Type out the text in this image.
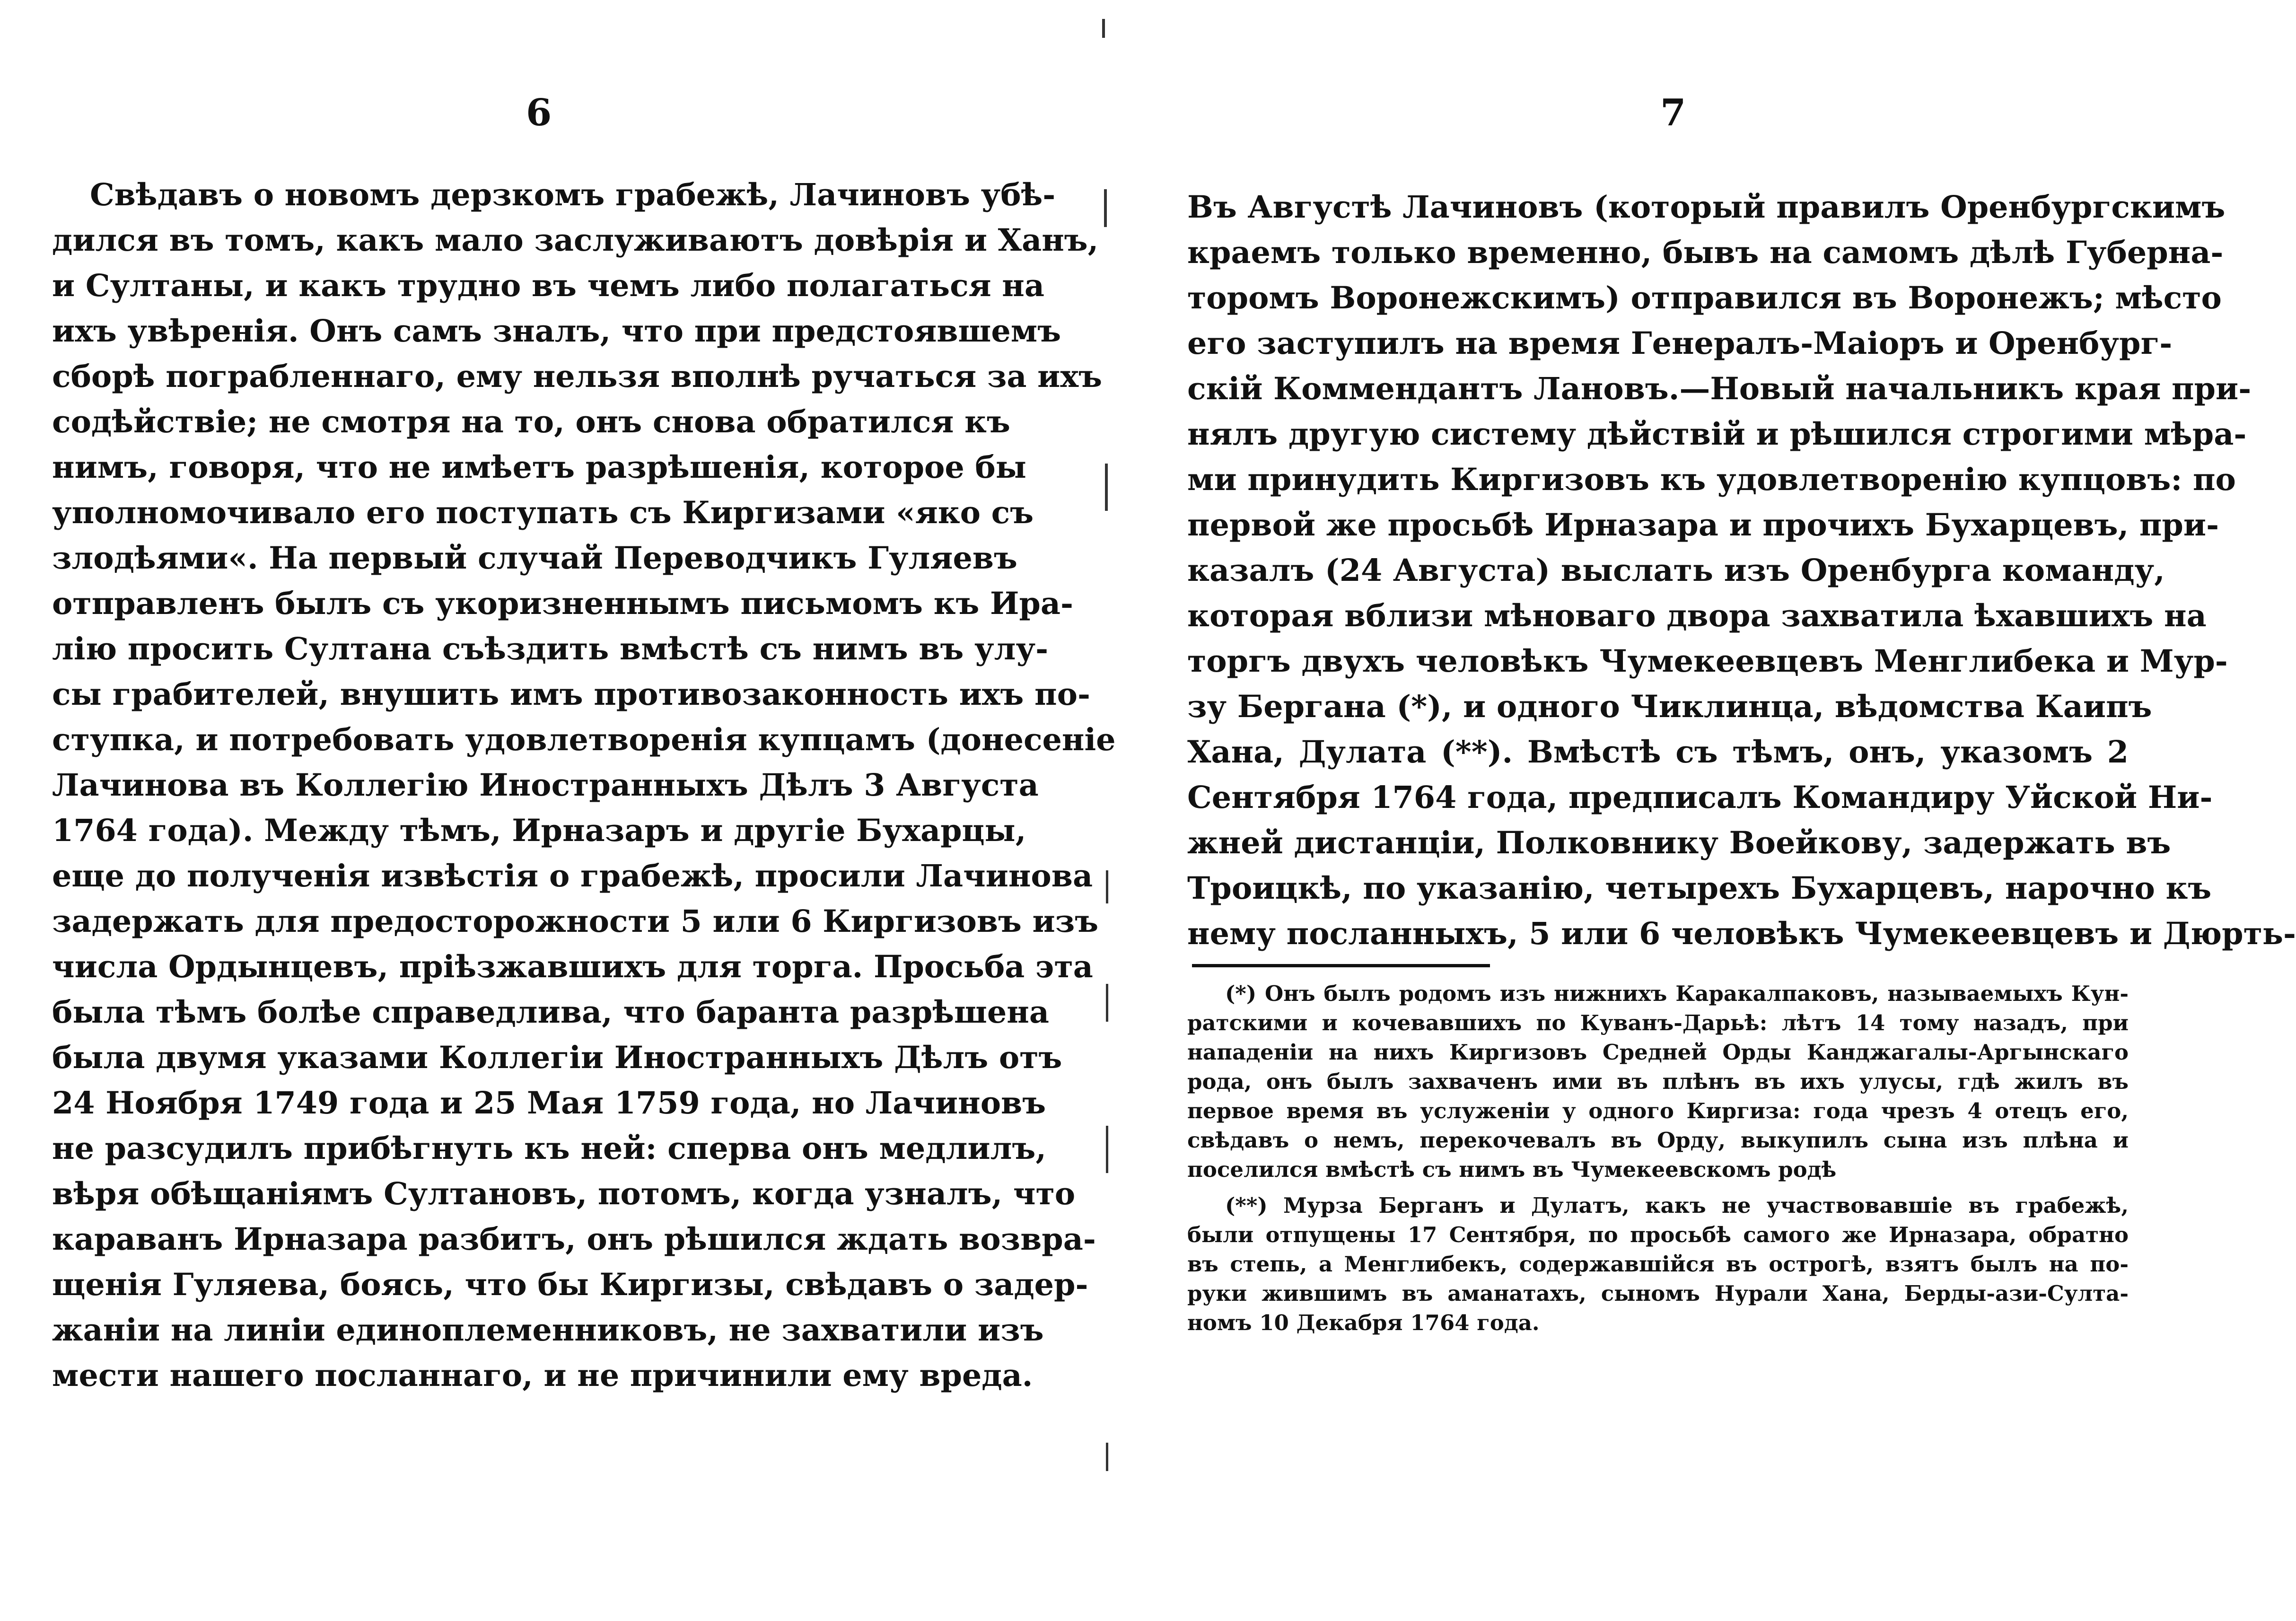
6
Свѣдавъ о новомъ дерзкомъ грабежѣ, Лачиновъ убѣ-
дился въ томъ, какъ мало заслуживаютъ довѣрія и Ханъ,
и Султаны, и какъ трудно въ чемъ либо полагаться на
ихъ увѣренія. Онъ самъ зналъ, что при предстоявшемъ
сборѣ пограбленнаго, ему нельзя вполнѣ ручаться за ихъ
содѣйствіе; не смотря на то, онъ снова обратился къ
нимъ, говоря, что не имѣетъ разрѣшенія, которое бы
уполномочивало его поступать съ Киргизами «яко съ
злодѣями«. На первый случай Переводчикъ Гуляевъ
отправленъ былъ съ укоризненнымъ письмомъ къ Ира-
лію просить Султана съѣздить вмѣстѣ съ нимъ въ улу-
сы грабителей, внушить имъ противозаконность ихъ по-
ступка, и потребовать удовлетворенія купцамъ (донесеніе
Лачинова въ Коллегію Иностранныхъ Дѣлъ 3 Августа
1764 года). Между тѣмъ, Ирназаръ и другіе Бухарцы,
еще до полученія извѣстія о грабежѣ, просили Лачинова
задержать для предосторожности 5 или 6 Киргизовъ изъ
числа Ордынцевъ, пріѣзжавшихъ для торга. Просьба эта
была тѣмъ болѣе справедлива, что баранта разрѣшена
была двумя указами Коллегіи Иностранныхъ Дѣлъ отъ
24 Ноября 1749 года и 25 Мая 1759 года, но Лачиновъ
не разсудилъ прибѣгнуть къ ней: сперва онъ медлилъ,
вѣря обѣщаніямъ Султановъ, потомъ, когда узналъ, что
караванъ Ирназара разбитъ, онъ рѣшился ждать возвра-
щенія Гуляева, боясь, что бы Киргизы, свѣдавъ о задер-
жаніи на линіи единоплеменниковъ, не захватили изъ
мести нашего посланнаго, и не причинили ему вреда.
7
Въ Августѣ Лачиновъ (который правилъ Оренбургскимъ
краемъ только временно, бывъ на самомъ дѣлѣ Губерна-
торомъ Воронежскимъ) отправился въ Воронежъ; мѣсто
его заступилъ на время Генералъ-Маіоръ и Оренбург-
скій Коммендантъ Лановъ.—Новый начальникъ края при-
нялъ другую систему дѣйствій и рѣшился строгими мѣра-
ми принудить Киргизовъ къ удовлетворенію купцовъ: по
первой же просьбѣ Ирназара и прочихъ Бухарцевъ, при-
казалъ (24 Августа) выслать изъ Оренбурга команду,
которая вблизи мѣноваго двора захватила ѣхавшихъ на
торгъ двухъ человѣкъ Чумекеевцевъ Менглибека и Мур-
зу Бергана (*), и одного Чиклинца, вѣдомства Каипъ
Хана, Дулата (**). Вмѣстѣ съ тѣмъ, онъ, указомъ 2
Сентября 1764 года, предписалъ Командиру Уйской Ни-
жней дистанціи, Полковнику Воейкову, задержать въ
Троицкѣ, по указанію, четырехъ Бухарцевъ, нарочно къ
нему посланныхъ, 5 или 6 человѣкъ Чумекеевцевъ и Дюрть-
(*) Онъ былъ родомъ изъ нижнихъ Каракалпаковъ, называемыхъ Кун-
ратскими и кочевавшихъ по Куванъ-Дарьѣ: лѣтъ 14 тому назадъ, при
нападеніи на нихъ Киргизовъ Средней Орды Канджагалы-Аргынскаго
рода, онъ былъ захваченъ ими въ плѣнъ въ ихъ улусы, гдѣ жилъ въ
первое время въ услуженіи у одного Киргиза: года чрезъ 4 отецъ его,
свѣдавъ о немъ, перекочевалъ въ Орду, выкупилъ сына изъ плѣна и
поселился вмѣстѣ съ нимъ въ Чумекеевскомъ родѣ
(**) Мурза Берганъ и Дулатъ, какъ не участвовавшіе въ грабежѣ,
были отпущены 17 Сентября, по просьбѣ самого же Ирназара, обратно
въ степь, а Менглибекъ, содержавшійся въ острогѣ, взятъ былъ на по-
руки жившимъ въ аманатахъ, сыномъ Нурали Хана, Берды-ази-Султа-
номъ 10 Декабря 1764 года.
